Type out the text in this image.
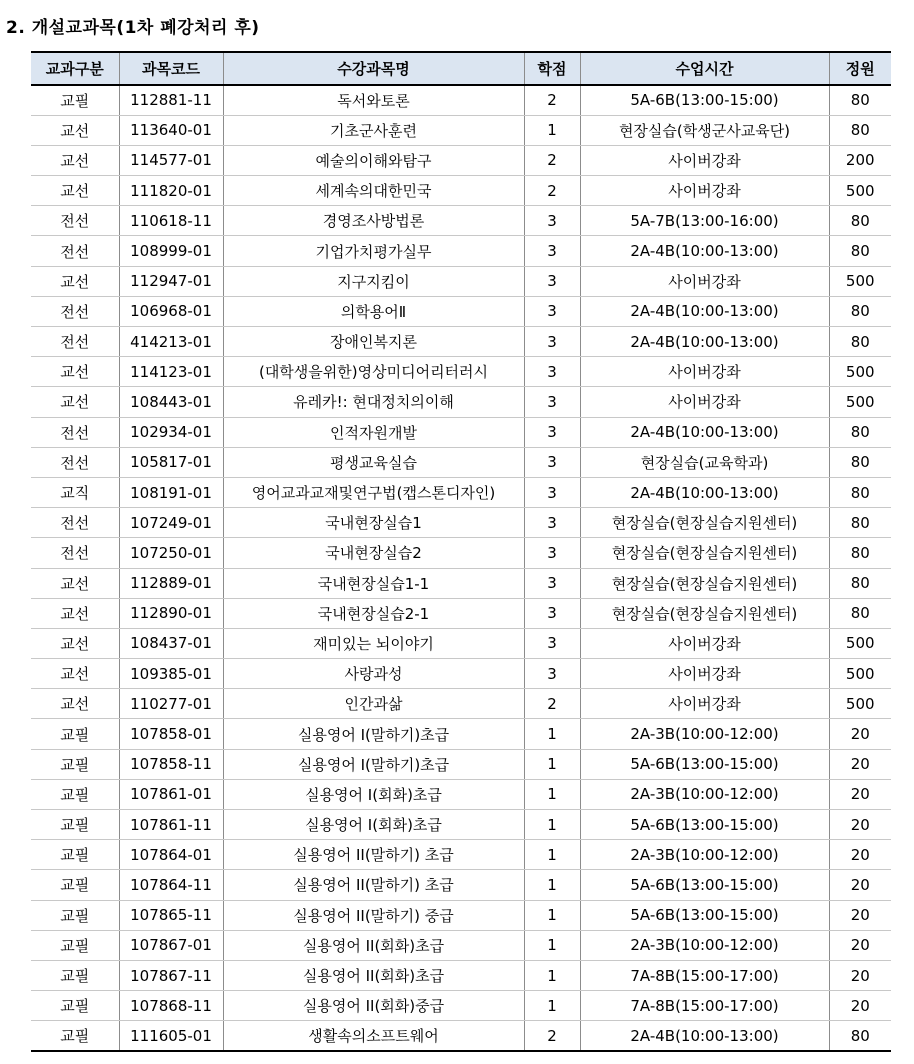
2. 개설교과목(1차 폐강처리 후)
교과구분	과목코드	수강과목명	학점	수업시간	정원
교필	112881-11	독서와토론	2	5A-6B(13:00-15:00)	80
교선	113640-01	기초군사훈련	1	현장실습(학생군사교육단)	80
교선	114577-01	예술의이해와탐구	2	사이버강좌	200
교선	111820-01	세계속의대한민국	2	사이버강좌	500
전선	110618-11	경영조사방법론	3	5A-7B(13:00-16:00)	80
전선	108999-01	기업가치평가실무	3	2A-4B(10:00-13:00)	80
교선	112947-01	지구지킴이	3	사이버강좌	500
전선	106968-01	의학용어Ⅱ	3	2A-4B(10:00-13:00)	80
전선	414213-01	장애인복지론	3	2A-4B(10:00-13:00)	80
교선	114123-01	(대학생을위한)영상미디어리터러시	3	사이버강좌	500
교선	108443-01	유레카!: 현대정치의이해	3	사이버강좌	500
전선	102934-01	인적자원개발	3	2A-4B(10:00-13:00)	80
전선	105817-01	평생교육실습	3	현장실습(교육학과)	80
교직	108191-01	영어교과교재및연구법(캡스톤디자인)	3	2A-4B(10:00-13:00)	80
전선	107249-01	국내현장실습1	3	현장실습(현장실습지원센터)	80
전선	107250-01	국내현장실습2	3	현장실습(현장실습지원센터)	80
교선	112889-01	국내현장실습1-1	3	현장실습(현장실습지원센터)	80
교선	112890-01	국내현장실습2-1	3	현장실습(현장실습지원센터)	80
교선	108437-01	재미있는 뇌이야기	3	사이버강좌	500
교선	109385-01	사랑과성	3	사이버강좌	500
교선	110277-01	인간과삶	2	사이버강좌	500
교필	107858-01	실용영어 I(말하기)초급	1	2A-3B(10:00-12:00)	20
교필	107858-11	실용영어 I(말하기)초급	1	5A-6B(13:00-15:00)	20
교필	107861-01	실용영어 I(회화)초급	1	2A-3B(10:00-12:00)	20
교필	107861-11	실용영어 I(회화)초급	1	5A-6B(13:00-15:00)	20
교필	107864-01	실용영어 II(말하기) 초급	1	2A-3B(10:00-12:00)	20
교필	107864-11	실용영어 II(말하기) 초급	1	5A-6B(13:00-15:00)	20
교필	107865-11	실용영어 II(말하기) 중급	1	5A-6B(13:00-15:00)	20
교필	107867-01	실용영어 II(회화)초급	1	2A-3B(10:00-12:00)	20
교필	107867-11	실용영어 II(회화)초급	1	7A-8B(15:00-17:00)	20
교필	107868-11	실용영어 II(회화)중급	1	7A-8B(15:00-17:00)	20
교필	111605-01	생활속의소프트웨어	2	2A-4B(10:00-13:00)	80
